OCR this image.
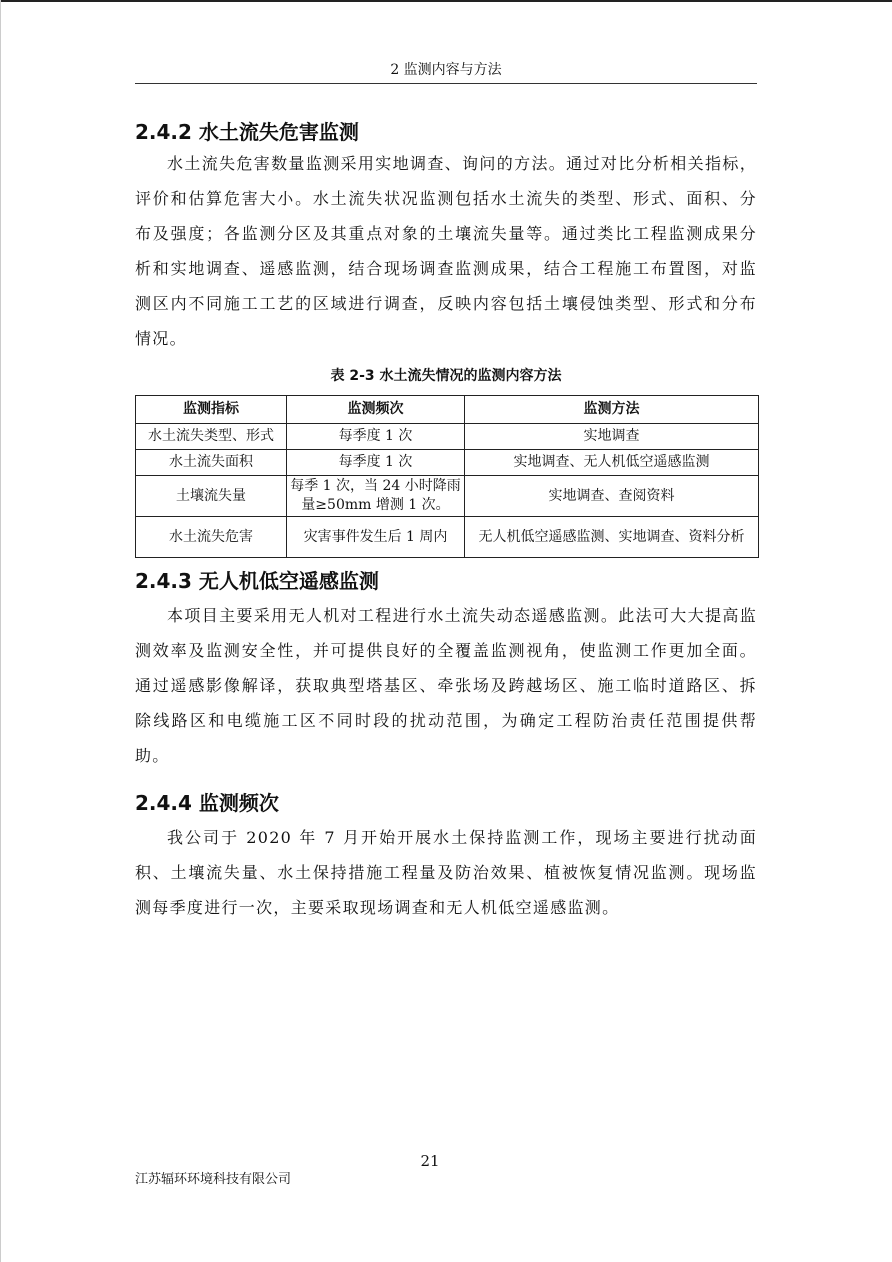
2 监测内容与方法
2.4.2 水土流失危害监测

水土流失危害数量监测采用实地调查、询问的方法。通过对比分析相关指标，评价和估算危害大小。水土流失状况监测包括水土流失的类型、形式、面积、分布及强度；各监测分区及其重点对象的土壤流失量等。通过类比工程监测成果分析和实地调查、遥感监测，结合现场调查监测成果，结合工程施工布置图，对监测区内不同施工工艺的区域进行调查，反映内容包括土壤侵蚀类型、形式和分布情况。

表 2-3 水土流失情况的监测内容方法
监测指标	监测频次	监测方法
水土流失类型、形式	每季度 1 次	实地调查
水土流失面积	每季度 1 次	实地调查、无人机低空遥感监测
土壤流失量	每季 1 次，当 24 小时降雨量≥50mm 增测 1 次。	实地调查、查阅资料
水土流失危害	灾害事件发生后 1 周内	无人机低空遥感监测、实地调查、资料分析
2.4.3 无人机低空遥感监测

本项目主要采用无人机对工程进行水土流失动态遥感监测。此法可大大提高监测效率及监测安全性，并可提供良好的全覆盖监测视角，使监测工作更加全面。通过遥感影像解译，获取典型塔基区、牵张场及跨越场区、施工临时道路区、拆除线路区和电缆施工区不同时段的扰动范围，为确定工程防治责任范围提供帮助。

2.4.4 监测频次

我公司于 2020 年 7 月开始开展水土保持监测工作，现场主要进行扰动面积、土壤流失量、水土保持措施工程量及防治效果、植被恢复情况监测。现场监测每季度进行一次，主要采取现场调查和无人机低空遥感监测。

21
江苏辐环环境科技有限公司
